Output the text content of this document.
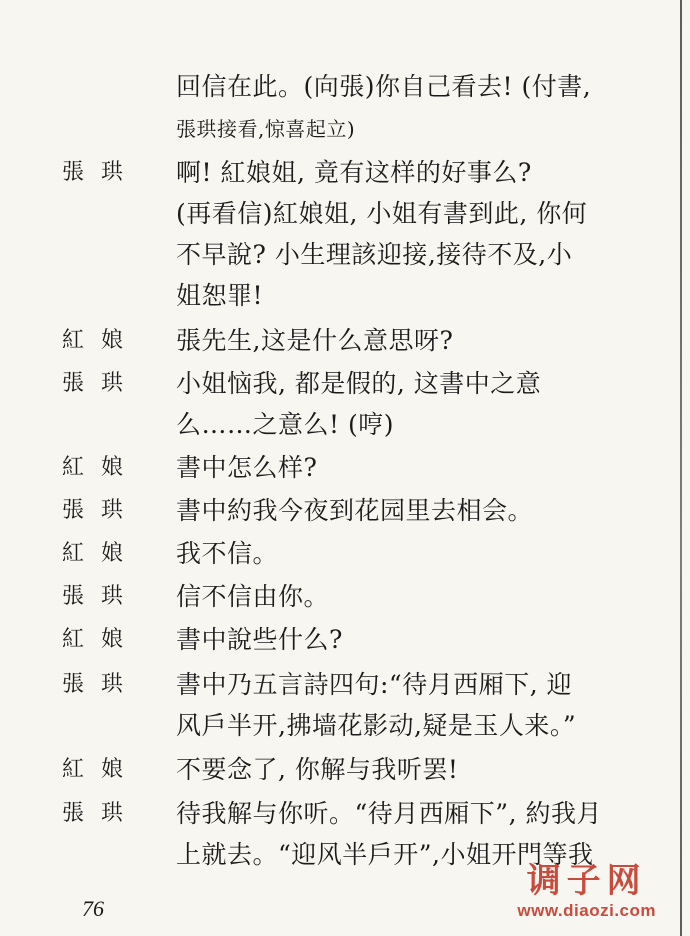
回信在此。(向張)你自己看去! (付書,
張珙接看,惊喜起立)
張珙 啊! 紅娘姐, 竟有这样的好事么?
(再看信)紅娘姐, 小姐有書到此, 你何
不早說? 小生理該迎接,接待不及,小
姐恕罪!
紅娘 張先生,这是什么意思呀?
張珙 小姐恼我, 都是假的, 这書中之意
么……之意么! (哼)
紅娘 書中怎么样?
張珙 書中約我今夜到花园里去相会。
紅娘 我不信。
張珙 信不信由你。
紅娘 書中說些什么?
張珙 書中乃五言詩四句:“待月西厢下, 迎
风戶半开,拂墙花影动,疑是玉人来。”
紅娘 不要念了, 你解与我听罢!
張珙 待我解与你听。“待月西厢下”, 約我月
上就去。“迎风半戶开”,小姐开門等我
76
调子网
www.diaozi.com
